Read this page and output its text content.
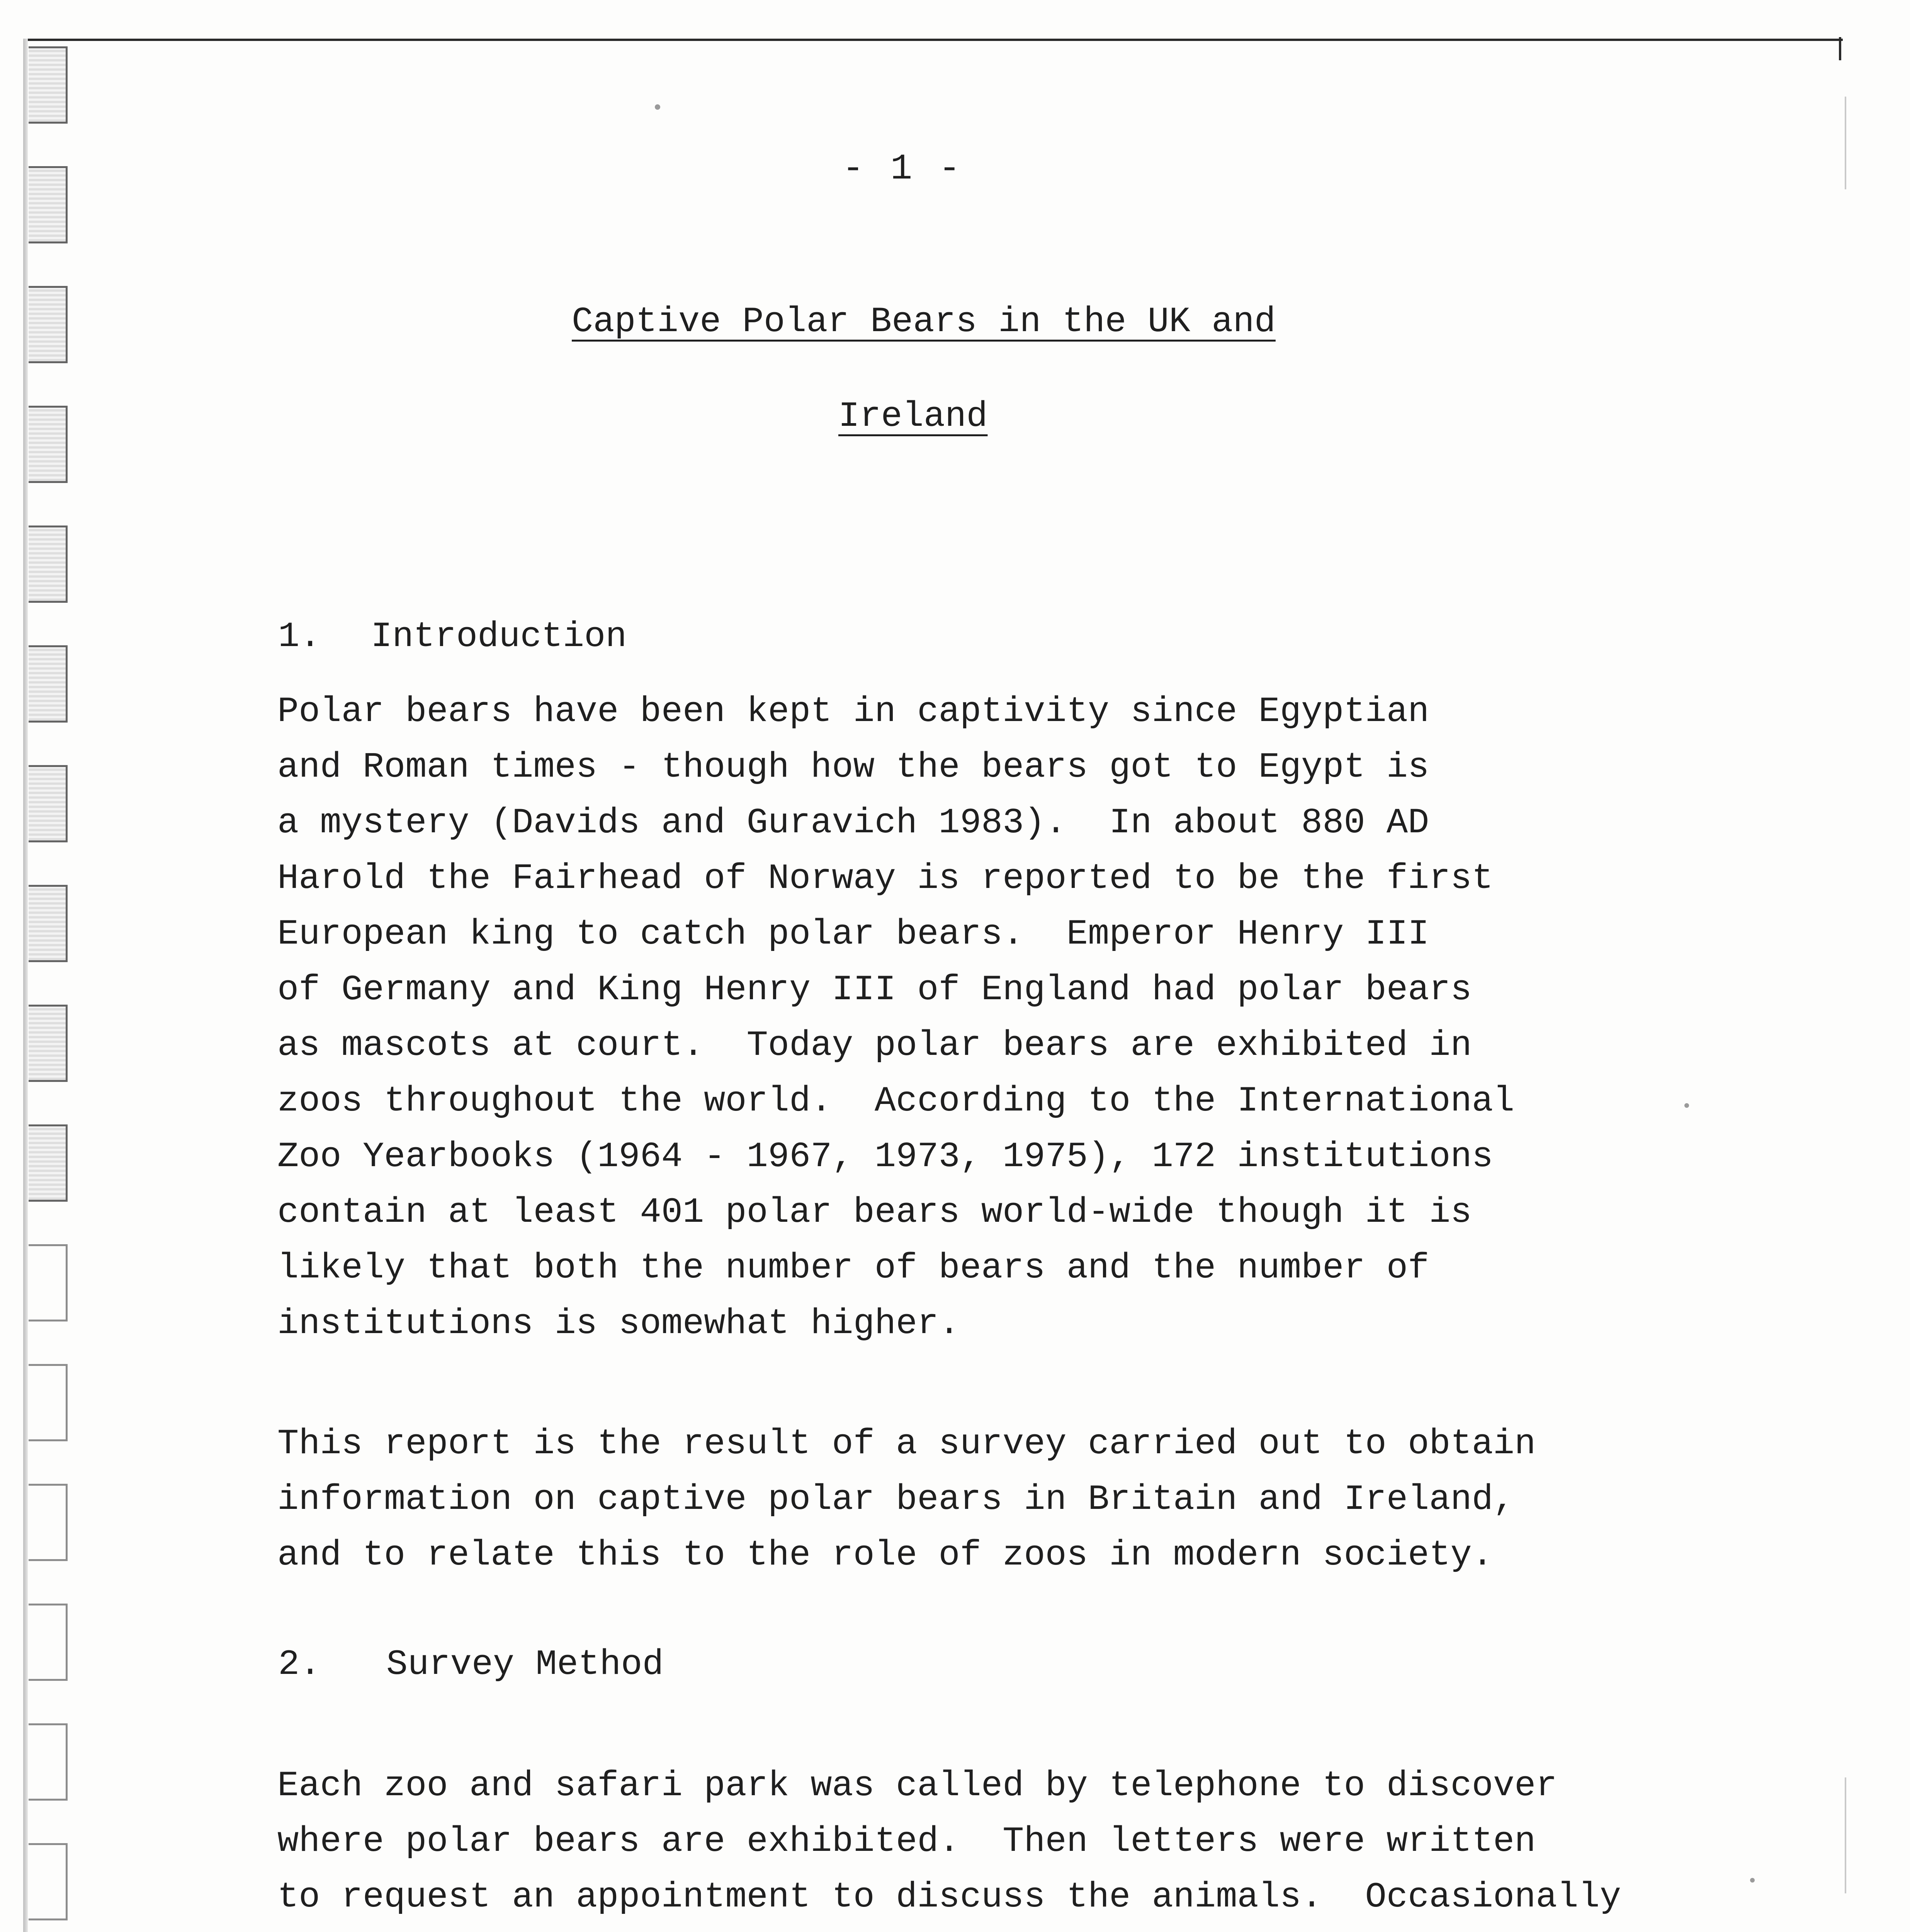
- 1 -
Captive Polar Bears in the UK and
Ireland
1. Introduction

Polar bears have been kept in captivity since Egyptian
and Roman times - though how the bears got to Egypt is
a mystery (Davids and Guravich 1983).  In about 880 AD
Harold the Fairhead of Norway is reported to be the first
European king to catch polar bears.  Emperor Henry III
of Germany and King Henry III of England had polar bears
as mascots at court.  Today polar bears are exhibited in
zoos throughout the world.  According to the International
Zoo Yearbooks (1964 - 1967, 1973, 1975), 172 institutions
contain at least 401 polar bears world-wide though it is
likely that both the number of bears and the number of
institutions is somewhat higher.

This report is the result of a survey carried out to obtain
information on captive polar bears in Britain and Ireland,
and to relate this to the role of zoos in modern society.

2. Survey Method

Each zoo and safari park was called by telephone to discover
where polar bears are exhibited.  Then letters were written
to request an appointment to discuss the animals.  Occasionally
